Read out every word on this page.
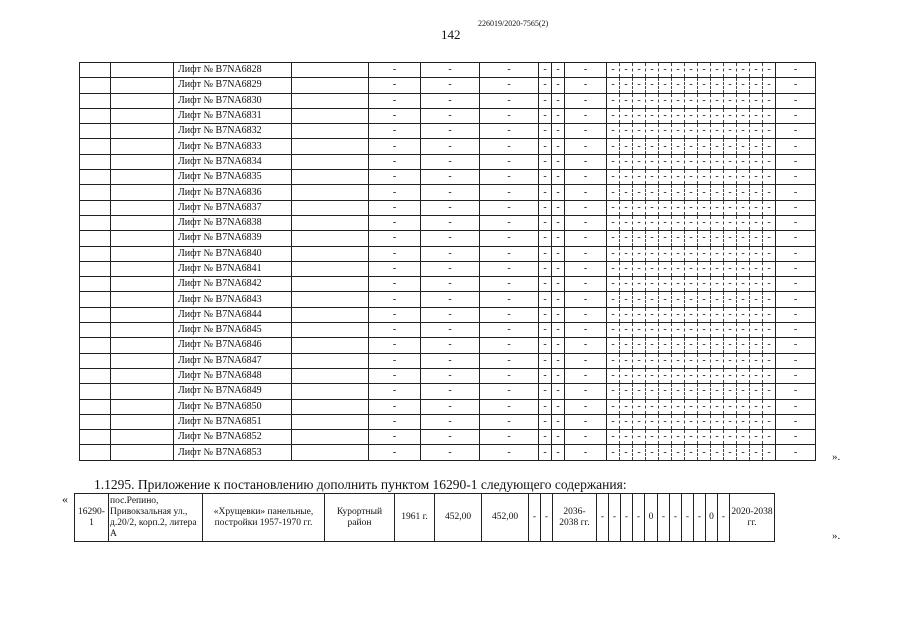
226019/2020-7565(2)
142
		Лифт № В7NA6828		-	-	-	-	-	-	-	-	-	-	-	-	-	-	-	-	-	-	-	-
		Лифт № В7NA6829		-	-	-	-	-	-	-	-	-	-	-	-	-	-	-	-	-	-	-	-
		Лифт № В7NA6830		-	-	-	-	-	-	-	-	-	-	-	-	-	-	-	-	-	-	-	-
		Лифт № В7NA6831		-	-	-	-	-	-	-	-	-	-	-	-	-	-	-	-	-	-	-	-
		Лифт № В7NA6832		-	-	-	-	-	-	-	-	-	-	-	-	-	-	-	-	-	-	-	-
		Лифт № В7NA6833		-	-	-	-	-	-	-	-	-	-	-	-	-	-	-	-	-	-	-	-
		Лифт № В7NA6834		-	-	-	-	-	-	-	-	-	-	-	-	-	-	-	-	-	-	-	-
		Лифт № В7NA6835		-	-	-	-	-	-	-	-	-	-	-	-	-	-	-	-	-	-	-	-
		Лифт № В7NA6836		-	-	-	-	-	-	-	-	-	-	-	-	-	-	-	-	-	-	-	-
		Лифт № В7NA6837		-	-	-	-	-	-	-	-	-	-	-	-	-	-	-	-	-	-	-	-
		Лифт № В7NA6838		-	-	-	-	-	-	-	-	-	-	-	-	-	-	-	-	-	-	-	-
		Лифт № В7NA6839		-	-	-	-	-	-	-	-	-	-	-	-	-	-	-	-	-	-	-	-
		Лифт № В7NA6840		-	-	-	-	-	-	-	-	-	-	-	-	-	-	-	-	-	-	-	-
		Лифт № В7NA6841		-	-	-	-	-	-	-	-	-	-	-	-	-	-	-	-	-	-	-	-
		Лифт № В7NA6842		-	-	-	-	-	-	-	-	-	-	-	-	-	-	-	-	-	-	-	-
		Лифт № В7NA6843		-	-	-	-	-	-	-	-	-	-	-	-	-	-	-	-	-	-	-	-
		Лифт № В7NA6844		-	-	-	-	-	-	-	-	-	-	-	-	-	-	-	-	-	-	-	-
		Лифт № В7NA6845		-	-	-	-	-	-	-	-	-	-	-	-	-	-	-	-	-	-	-	-
		Лифт № В7NA6846		-	-	-	-	-	-	-	-	-	-	-	-	-	-	-	-	-	-	-	-
		Лифт № В7NA6847		-	-	-	-	-	-	-	-	-	-	-	-	-	-	-	-	-	-	-	-
		Лифт № В7NA6848		-	-	-	-	-	-	-	-	-	-	-	-	-	-	-	-	-	-	-	-
		Лифт № В7NA6849		-	-	-	-	-	-	-	-	-	-	-	-	-	-	-	-	-	-	-	-
		Лифт № В7NA6850		-	-	-	-	-	-	-	-	-	-	-	-	-	-	-	-	-	-	-	-
		Лифт № В7NA6851		-	-	-	-	-	-	-	-	-	-	-	-	-	-	-	-	-	-	-	-
		Лифт № В7NA6852		-	-	-	-	-	-	-	-	-	-	-	-	-	-	-	-	-	-	-	-
		Лифт № В7NA6853		-	-	-	-	-	-	-	-	-	-	-	-	-	-	-	-	-	-	-	-	».
1.1295. Приложение к постановлению дополнить пунктом 16290-1 следующего содержания:
«
16290-1	пос.Репино, Привокзальная ул., д.20/2, корп.2, литера А	«Хрущевки» панельные, постройки 1957-1970 гг.	Курортный район	1961 г.	452,00	452,00	-	-	2036-2038 гг.	-	-	-	-	0	-	-	-	-	0	-	2020-2038 гг.
».
